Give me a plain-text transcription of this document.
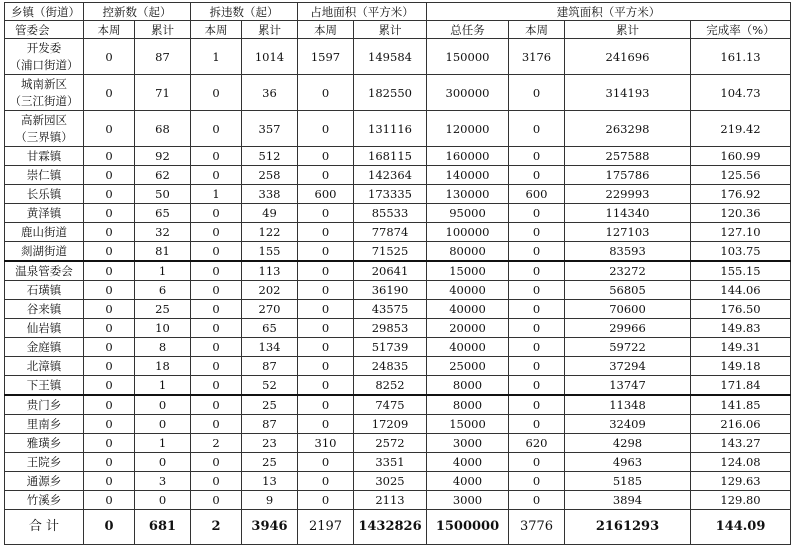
乡镇（街道）	控新数（起）		拆违数（起）		占地面积（平方米）		建筑面积（平方米）			
管委会	本周	累计	本周	累计	本周	累计	总任务	本周	累计	完成率（%）

开发委
（浦口街道）	0	87	1	1014	1597	149584	150000	3176	241696	161.13

城南新区
（三江街道）	0	71	0	36	0	182550	300000	0	314193	104.73

高新园区
（三界镇）	0	68	0	357	0	131116	120000	0	263298	219.42
甘霖镇	0	92	0	512	0	168115	160000	0	257588	160.99
崇仁镇	0	62	0	258	0	142364	140000	0	175786	125.56
长乐镇	0	50	1	338	600	173335	130000	600	229993	176.92
黄泽镇	0	65	0	49	0	85533	95000	0	114340	120.36
鹿山街道	0	32	0	122	0	77874	100000	0	127103	127.10
剡湖街道	0	81	0	155	0	71525	80000	0	83593	103.75
温泉管委会	0	1	0	113	0	20641	15000	0	23272	155.15
石璜镇	0	6	0	202	0	36190	40000	0	56805	144.06
谷来镇	0	25	0	270	0	43575	40000	0	70600	176.50
仙岩镇	0	10	0	65	0	29853	20000	0	29966	149.83
金庭镇	0	8	0	134	0	51739	40000	0	59722	149.31
北漳镇	0	18	0	87	0	24835	25000	0	37294	149.18
下王镇	0	1	0	52	0	8252	8000	0	13747	171.84
贵门乡	0	0	0	25	0	7475	8000	0	11348	141.85
里南乡	0	0	0	87	0	17209	15000	0	32409	216.06
雅璜乡	0	1	2	23	310	2572	3000	620	4298	143.27
王院乡	0	0	0	25	0	3351	4000	0	4963	124.08
通源乡	0	3	0	13	0	3025	4000	0	5185	129.63
竹溪乡	0	0	0	9	0	2113	3000	0	3894	129.80
合 计	0	681	2	3946	2197	1432826	1500000	3776	2161293	144.09
